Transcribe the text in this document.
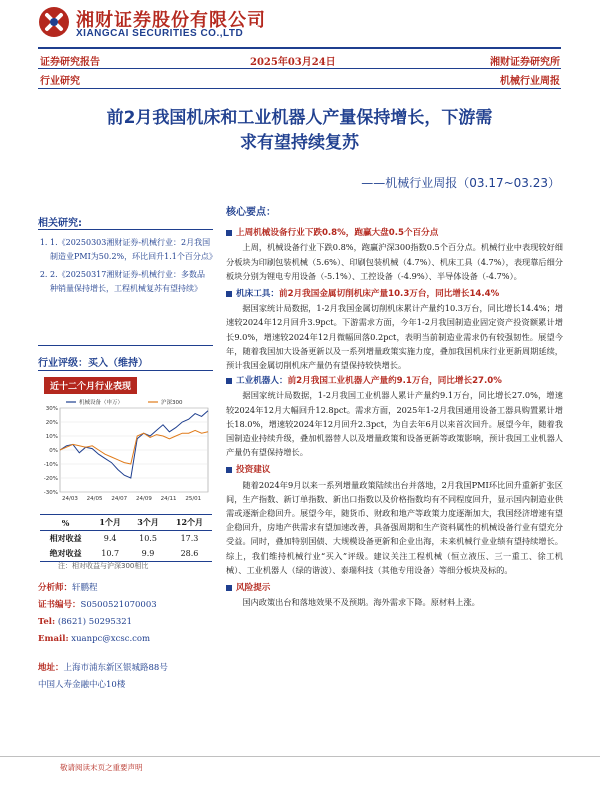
湘财证券股份有限公司
XIANGCAI SECURITIES CO.,LTD
证券研究报告	2025年03月24日	湘财证券研究所
行业研究	机械行业周报
前2月我国机床和工业机器人产量保持增长，下游需
求有望持续复苏
——机械行业周报（03.17~03.23）
相关研究:
1. 1.《20250303湘财证券-机械行业：2月我国制造业PMI为50.2%，环比回升1.1个百分点》
2. 2.《20250317湘财证券-机械行业：多数品种销量保持增长，工程机械复苏有望持续》
行业评级：买入（维持）
近十二个月行业表现
-30%
-20%
-10%
0%
10%
20%
30%
24/03 24/05 24/07 24/09 24/11 25/01
机械设备（申万）	沪深300
%	1个月	3个月	12个月
相对收益	9.4	10.5	17.3
绝对收益	10.7	9.9	28.6
注：相对收益与沪深300相比
分析师：轩鹏程
证书编号：S0500521070003
Tel: (8621) 50295321
Email: xuanpc@xcsc.com
地址：上海市浦东新区银城路88号
中国人寿金融中心10楼
核心要点：
上周机械设备行业下跌0.8%，跑赢大盘0.5个百分点

上周，机械设备行业下跌0.8%，跑赢沪深300指数0.5个百分点。机械行业中表现较好细分板块为印刷包装机械（5.6%）、印刷包装机械（4.7%）、机床工具（4.7%），表现靠后细分板块分别为锂电专用设备（-5.1%）、工控设备（-4.9%）、半导体设备（-4.7%）。

机床工具：前2月我国金属切削机床产量10.3万台，同比增长14.4%

据国家统计局数据，1-2月我国金属切削机床累计产量约10.3万台，同比增长14.4%；增速较2024年12月回升3.9pct。下游需求方面，今年1-2月我国制造业固定资产投资额累计增长9.0%，增速较2024年12月微幅回落0.2pct，表明当前制造业需求仍有较强韧性。展望今年，随着我国加大设备更新以及一系列增量政策实施力度，叠加我国机床行业更新周期延续，预计我国金属切削机床产量仍有望保持较快增长。

工业机器人：前2月我国工业机器人产量约9.1万台，同比增长27.0%

据国家统计局数据，1-2月我国工业机器人累计产量约9.1万台，同比增长27.0%，增速较2024年12月大幅回升12.8pct。需求方面，2025年1-2月我国通用设备工器具购置累计增长18.0%，增速较2024年12月回升2.3pct，为自去年6月以来首次回升。展望今年，随着我国制造业持续升级，叠加机器替人以及增量政策和设备更新等政策影响，预计我国工业机器人产量仍有望保持增长。

投资建议

随着2024年9月以来一系列增量政策陆续出台并落地，2月我国PMI环比回升重新扩张区间，生产指数、新订单指数、新出口指数以及价格指数均有不同程度回升，显示国内制造业供需或逐渐企稳回升。展望今年，随货币、财政和地产等政策力度逐渐加大，我国经济增速有望企稳回升，房地产供需求有望加速改善，具备强周期和生产资料属性的机械设备行业有望充分受益。同时，叠加特别国债、大规模设备更新和企业出海，未来机械行业业绩有望持续增长。综上，我们维持机械行业“买入”评级。建议关注工程机械（恒立液压、三一重工、徐工机械）、工业机器人（绿的谐波）、泰瑞科技（其他专用设备）等细分板块及标的。

风险提示

国内政策出台和落地效果不及预期。海外需求下降。原材料上涨。

敬请阅读末页之重要声明
